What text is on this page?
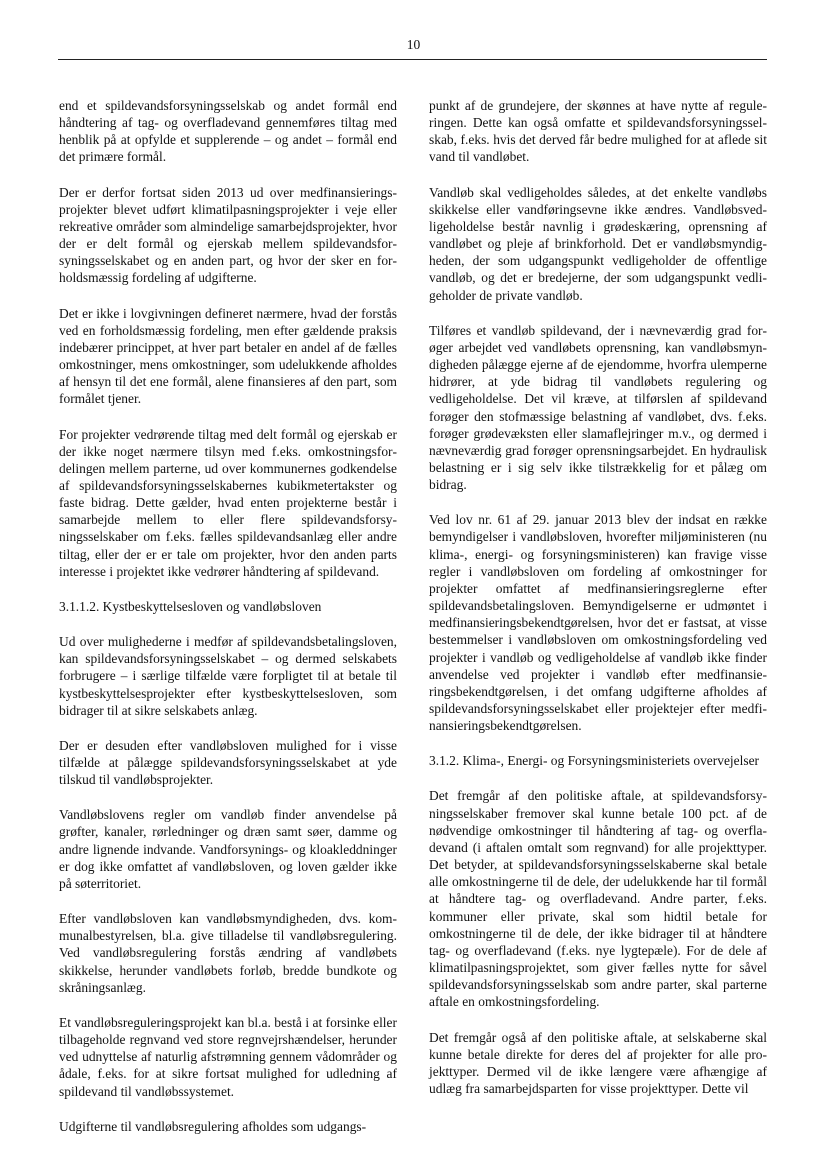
10

end et spildevandsforsyningsselskab og andet formål end håndtering af tag- og overfladevand gennemføres tiltag med henblik på at opfylde et supplerende – og andet – formål end det primære formål.

Der er derfor fortsat siden 2013 ud over medfinansieringsprojekter blevet udført klimatilpasningsprojekter i veje eller rekreative områder som almindelige samarbejdsprojekter, hvor der er delt formål og ejerskab mellem spildevandsforsyningsselskabet og en anden part, og hvor der sker en forholdsmæssig fordeling af udgifterne.

Det er ikke i lovgivningen defineret nærmere, hvad der forstås ved en forholdsmæssig fordeling, men efter gældende praksis indebærer princippet, at hver part betaler en andel af de fælles omkostninger, mens omkostninger, som udelukkende afholdes af hensyn til det ene formål, alene finansieres af den part, som formålet tjener.

For projekter vedrørende tiltag med delt formål og ejerskab er der ikke noget nærmere tilsyn med f.eks. omkostningsfordelingen mellem parterne, ud over kommunernes godkendelse af spildevandsforsyningsselskabernes kubikmetertakster og faste bidrag. Dette gælder, hvad enten projekterne består i samarbejde mellem to eller flere spildevandsforsyningsselskaber om f.eks. fælles spildevandsanlæg eller andre tiltag, eller der er er tale om projekter, hvor den anden parts interesse i projektet ikke vedrører håndtering af spildevand.

3.1.1.2. Kystbeskyttelsesloven og vandløbsloven

Ud over mulighederne i medfør af spildevandsbetalingsloven, kan spildevandsforsyningsselskabet – og dermed selskabets forbrugere – i særlige tilfælde være forpligtet til at betale til kystbeskyttelsesprojekter efter kystbeskyttelsesloven, som bidrager til at sikre selskabets anlæg.

Der er desuden efter vandløbsloven mulighed for i visse tilfælde at pålægge spildevandsforsyningsselskabet at yde tilskud til vandløbsprojekter.

Vandløbslovens regler om vandløb finder anvendelse på grøfter, kanaler, rørledninger og dræn samt søer, damme og andre lignende indvande. Vandforsynings- og kloakleddninger er dog ikke omfattet af vandløbsloven, og loven gælder ikke på søterritoriet.

Efter vandløbsloven kan vandløbsmyndigheden, dvs. kommunalbestyrelsen, bl.a. give tilladelse til vandløbsregulering. Ved vandløbsregulering forstås ændring af vandløbets skikkelse, herunder vandløbets forløb, bredde bundkote og skråningsanlæg.

Et vandløbsreguleringsprojekt kan bl.a. bestå i at forsinke eller tilbageholde regnvand ved store regnvejrshændelser, herunder ved udnyttelse af naturlig afstrømning gennem vådområder og ådale, f.eks. for at sikre fortsat mulighed for udledning af spildevand til vandløbssystemet.

Udgifterne til vandløbsregulering afholdes som udgangs-

punkt af de grundejere, der skønnes at have nytte af reguleringen. Dette kan også omfatte et spildevandsforsyningsselskab, f.eks. hvis det derved får bedre mulighed for at aflede sit vand til vandløbet.

Vandløb skal vedligeholdes således, at det enkelte vandløbs skikkelse eller vandføringsevne ikke ændres. Vandløbsvedligeholdelse består navnlig i grødeskæring, oprensning af vandløbet og pleje af brinkforhold. Det er vandløbsmyndigheden, der som udgangspunkt vedligeholder de offentlige vandløb, og det er bredejerne, der som udgangspunkt vedligeholder de private vandløb.

Tilføres et vandløb spildevand, der i nævneværdig grad forøger arbejdet ved vandløbets oprensning, kan vandløbsmyndigheden pålægge ejerne af de ejendomme, hvorfra ulemperne hidrører, at yde bidrag til vandløbets regulering og vedligeholdelse. Det vil kræve, at tilførslen af spildevand forøger den stofmæssige belastning af vandløbet, dvs. f.eks. forøger grødevæksten eller slamaflejringer m.v., og dermed i nævneværdig grad forøger oprensningsarbejdet. En hydraulisk belastning er i sig selv ikke tilstrækkelig for et pålæg om bidrag.

Ved lov nr. 61 af 29. januar 2013 blev der indsat en række bemyndigelser i vandløbsloven, hvorefter miljøministeren (nu klima-, energi- og forsyningsministeren) kan fravige visse regler i vandløbsloven om fordeling af omkostninger for projekter omfattet af medfinansieringsreglerne efter spildevandsbetalingsloven. Bemyndigelserne er udmøntet i medfinansieringsbekendtgørelsen, hvor det er fastsat, at visse bestemmelser i vandløbsloven om omkostningsfordeling ved projekter i vandløb og vedligeholdelse af vandløb ikke finder anvendelse ved projekter i vandløb efter medfinansieringsbekendtgørelsen, i det omfang udgifterne afholdes af spildevandsforsyningsselskabet eller projektejer efter medfinansieringsbekendtgørelsen.

3.1.2. Klima-, Energi- og Forsyningsministeriets overvejelser

Det fremgår af den politiske aftale, at spildevandsforsyningsselskaber fremover skal kunne betale 100 pct. af de nødvendige omkostninger til håndtering af tag- og overfladevand (i aftalen omtalt som regnvand) for alle projekttyper. Det betyder, at spildevandsforsyningsselskaberne skal betale alle omkostningerne til de dele, der udelukkende har til formål at håndtere tag- og overfladevand. Andre parter, f.eks. kommuner eller private, skal som hidtil betale for omkostningerne til de dele, der ikke bidrager til at håndtere tag- og overfladevand (f.eks. nye lygtepæle). For de dele af klimatilpasningsprojektet, som giver fælles nytte for såvel spildevandsforsyningsselskab som andre parter, skal parterne aftale en omkostningsfordeling.

Det fremgår også af den politiske aftale, at selskaberne skal kunne betale direkte for deres del af projekter for alle projekttyper. Dermed vil de ikke længere være afhængige af udlæg fra samarbejdsparten for visse projekttyper. Dette vil
